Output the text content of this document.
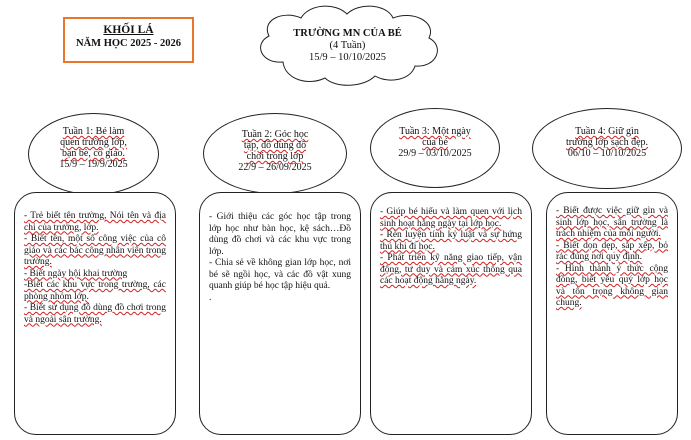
KHỐI LÁ
NĂM HỌC 2025 - 2026
TRƯỜNG MN CỦA BÉ
(4 Tuần)
15/9 – 10/10/2025
Tuần 1: Bé làm
quen trường lớp,
bạn bè, cô giáo.
15/9 – 19/9/2025
Tuần 2: Góc học
tập, đồ dùng đồ
chơi trong lớp
22/9 – 26/09/2025
Tuần 3: Một ngày
của bé
29/9 – 03/10/2025
Tuần 4: Giữ gìn
trường lớp sạch đẹp.
06/10 – 10/10/2025

- Trẻ biết tên trường, Nói tên và địa chỉ của trường, lớp.

- Biết tên, một số công việc của cô giáo và các bác công nhân viên trong trường.

- Biết ngày hội khai trường

-Biết các khu vực trong trường, các phòng nhóm lớp.

- Biết sử dụng đồ dùng đồ chơi trong và ngoài sân trường.

- Giới thiệu các góc học tập trong lớp học như bàn học, kệ sách…Đồ dùng đồ chơi và các khu vực trong lớp.

- Chia sẻ về không gian lớp học, nơi bé sẽ ngồi học, và các đồ vật xung quanh giúp bé học tập hiệu quả.

.

- Giúp bé hiểu và làm quen với lịch sinh hoạt hằng ngày tại lớp học.

- Rèn luyện tính kỷ luật và sự hứng thú khi đi học.

- Phát triển kỹ năng giao tiếp, vận động, tư duy và cảm xúc thông qua các hoạt động hằng ngày.

- Biết được việc giữ gìn và sinh lớp học, sân trường là trách nhiệm của mỗi người.

- Biết dọn dẹp, sắp xếp, bỏ rác đúng nơi quy định.

- Hình thành ý thức cộng đồng, biết yêu quý lớp học và tôn trọng không gian chung.
